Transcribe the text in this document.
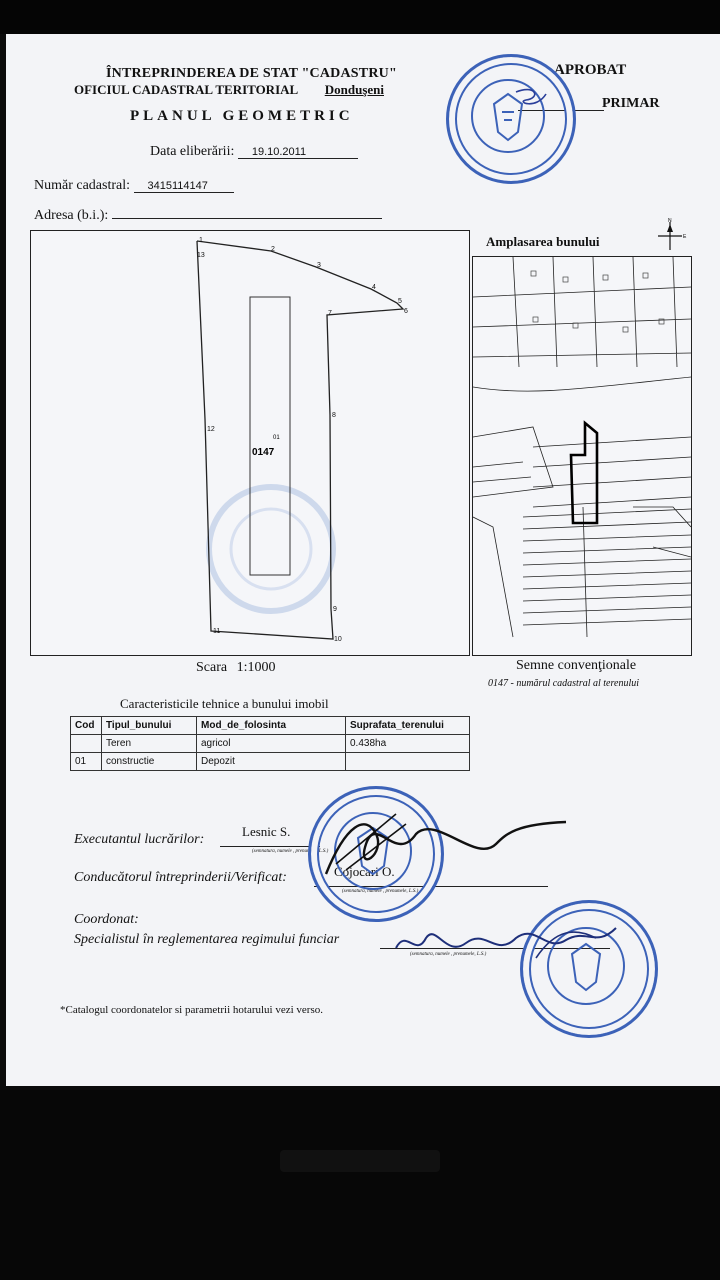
ÎNTREPRINDEREA DE STAT "CADASTRU"
OFICIUL CADASTRAL TERITORIAL Donduşeni
PLANUL GEOMETRIC
APROBAT
PRIMAR
Data eliberării: 19.10.2011
Număr cadastral: 3415114147
Adresa (b.i.):
1
2
3
4
5
6
7
8
9
10
11
12
13
0147
01
Scara 1:1000
Amplasarea bunului
N
E
Semne convenţionale
0147 - numărul cadastral al terenului
Caracteristicile tehnice a bunului imobil
Cod	Tipul_bunului	Mod_de_folosinta	Suprafata_terenului
	Teren	agricol	0.438ha
01	constructie	Depozit	
Executantul lucrărilor:
Lesnic S.
(semnatura, numele , prenumele, L.S.)
Conducătorul întreprinderii/Verificat:	Cojocari O.
(semnatura, numele , prenumele, L.S.)
Coordonat:
Specialistul în reglementarea regimului funciar
(semnatura, numele , prenumele, L.S.)
*Catalogul coordonatelor si parametrii hotarului vezi verso.
